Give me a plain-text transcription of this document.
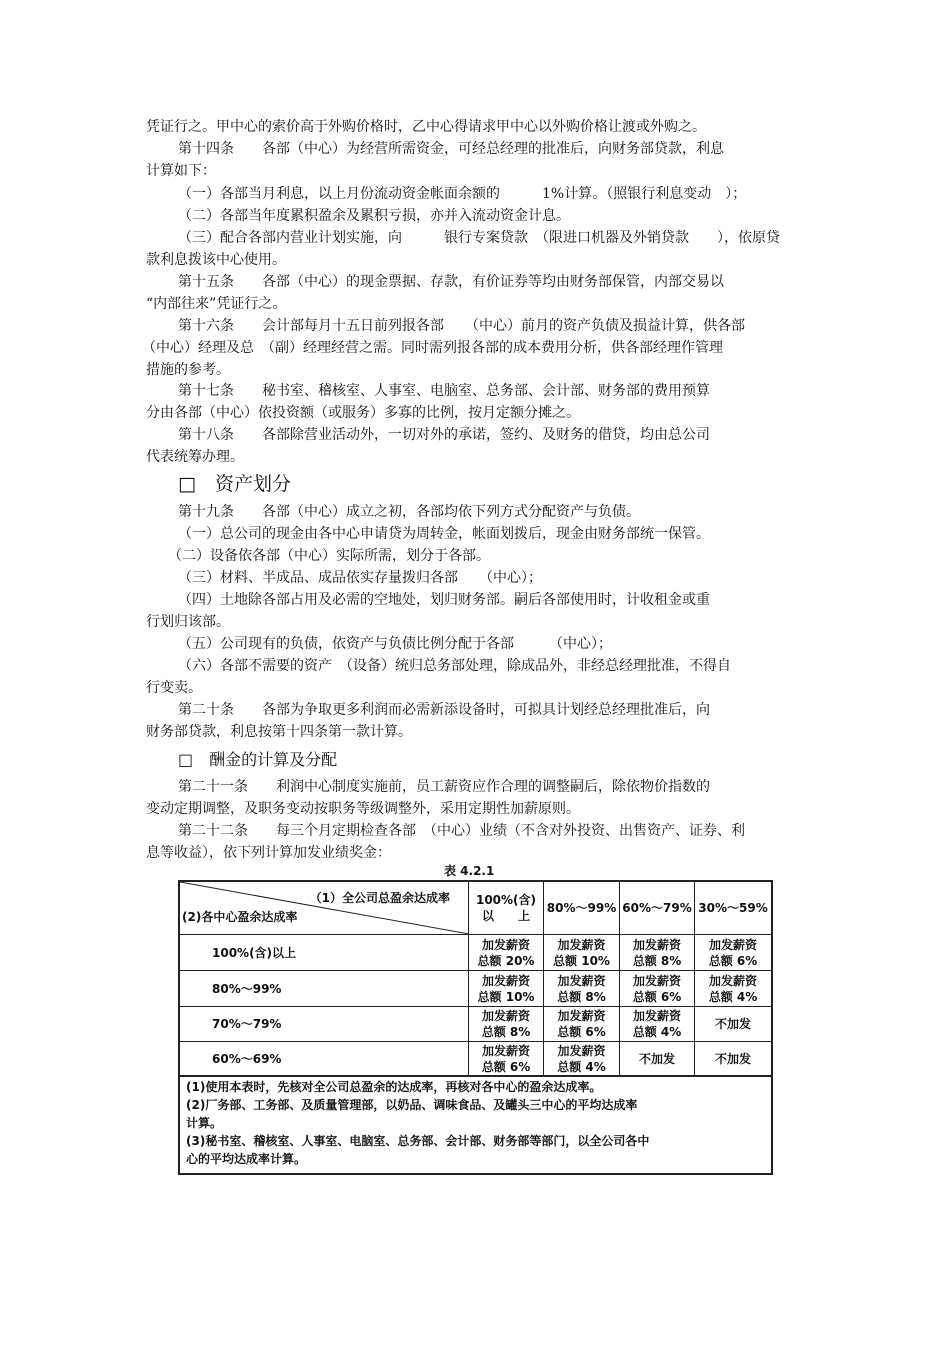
凭证行之。甲中心的索价高于外购价格时，乙中心得请求甲中心以外购价格让渡或外购之。
第十四条　　各部（中心）为经营所需资金，可经总经理的批准后，向财务部贷款，利息
计算如下：
（一）各部当月利息，以上月份流动资金帐面余额的　　　1%计算。（照银行利息变动　）；
（二）各部当年度累积盈余及累积亏损，亦并入流动资金计息。
（三）配合各部内营业计划实施，向　　　银行专案贷款　（限进口机器及外销贷款　　），依原贷
款利息拨该中心使用。
第十五条　　各部（中心）的现金票据、存款，有价证券等均由财务部保管，内部交易以
“内部往来”凭证行之。
第十六条　　会计部每月十五日前列报各部　　（中心）前月的资产负债及损益计算，供各部
（中心）经理及总　（副）经理经营之需。同时需列报各部的成本费用分析，供各部经理作管理
措施的参考。
第十七条　　秘书室、稽核室、人事室、电脑室、总务部、会计部、财务部的费用预算
分由各部（中心）依投资额（或服务）多寡的比例，按月定额分摊之。
第十八条　　各部除营业活动外，一切对外的承诺，签约、及财务的借贷，均由总公司
代表统筹办理。
□　资产划分
第十九条　　各部（中心）成立之初，各部均依下列方式分配资产与负债。
（一）总公司的现金由各中心申请贷为周转金，帐面划拨后，现金由财务部统一保管。
（二）设备依各部（中心）实际所需，划分于各部。
（三）材料、半成品、成品依实存量拨归各部　　（中心）；
（四）土地除各部占用及必需的空地处，划归财务部。嗣后各部使用时，计收租金或重
行划归该部。
（五）公司现有的负债，依资产与负债比例分配于各部　　　（中心）；
（六）各部不需要的资产　（设备）统归总务部处理，除成品外，非经总经理批准，不得自
行变卖。
第二十条　　各部为争取更多利润而必需新添设备时，可拟具计划经总经理批准后，向
财务部贷款，利息按第十四条第一款计算。
□　酬金的计算及分配
第二十一条　　利润中心制度实施前，员工薪资应作合理的调整嗣后，除依物价指数的
变动定期调整，及职务变动按职务等级调整外，采用定期性加薪原则。
第二十二条　　每三个月定期检查各部　（中心）业绩（不含对外投资、出售资产、证券、利
息等收益），依下列计算加发业绩奖金：
表 4.2.1
（1）全公司总盈余达成率
(2)各中心盈余达成率
100%(含)
以　　上
80%～99% 60%～79% 30%～59%
100%(含)以上
加发薪资
总额 20%
加发薪资
总额 10%
加发薪资
总额 8%
加发薪资
总额 6%
80%～99%
加发薪资
总额 10%
加发薪资
总额 8%
加发薪资
总额 6%
加发薪资
总额 4%
70%～79%
加发薪资
总额 8%
加发薪资
总额 6%
加发薪资
总额 4%
不加发
60%～69%
加发薪资
总额 6%
加发薪资
总额 4%
不加发	不加发
(1)使用本表时，先核对全公司总盈余的达成率，再核对各中心的盈余达成率。
(2)厂务部、工务部、及质量管理部，以奶品、调味食品、及罐头三中心的平均达成率
计算。
(3)秘书室、稽核室、人事室、电脑室、总务部、会计部、财务部等部门，以全公司各中
心的平均达成率计算。
